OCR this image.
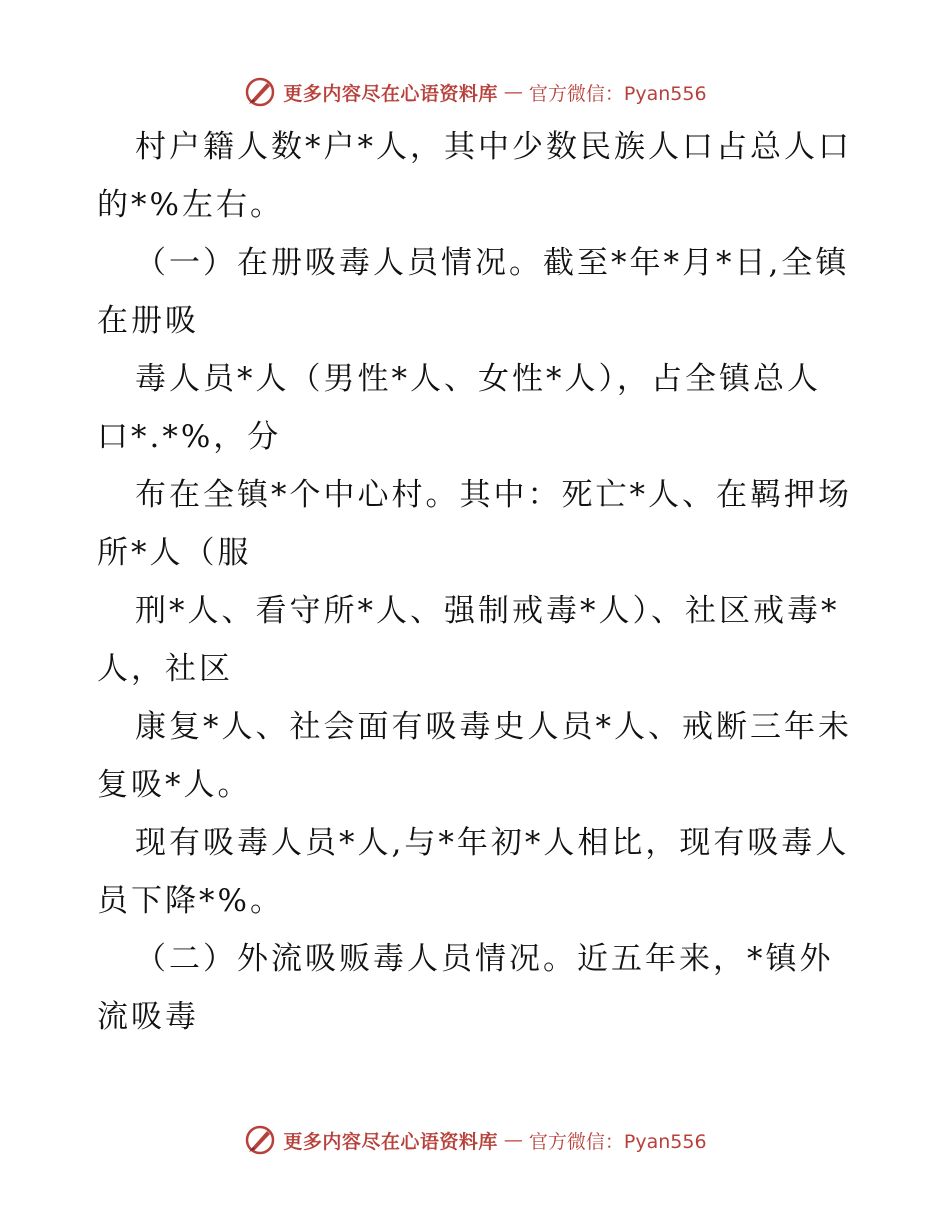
更多内容尽在心语资料库 — 官方微信：Pyan556
村户籍人数*户*人，其中少数民族人口占总人口
的*%左右。
（一）在册吸毒人员情况。截至*年*月*日,全镇
在册吸
毒人员*人（男性*人、女性*人），占全镇总人
口*.*%，分
布在全镇*个中心村。其中：死亡*人、在羁押场
所*人（服
刑*人、看守所*人、强制戒毒*人）、社区戒毒*
人，社区
康复*人、社会面有吸毒史人员*人、戒断三年未
复吸*人。
现有吸毒人员*人,与*年初*人相比，现有吸毒人
员下降*%。
（二）外流吸贩毒人员情况。近五年来，*镇外
流吸毒
更多内容尽在心语资料库 — 官方微信：Pyan556
